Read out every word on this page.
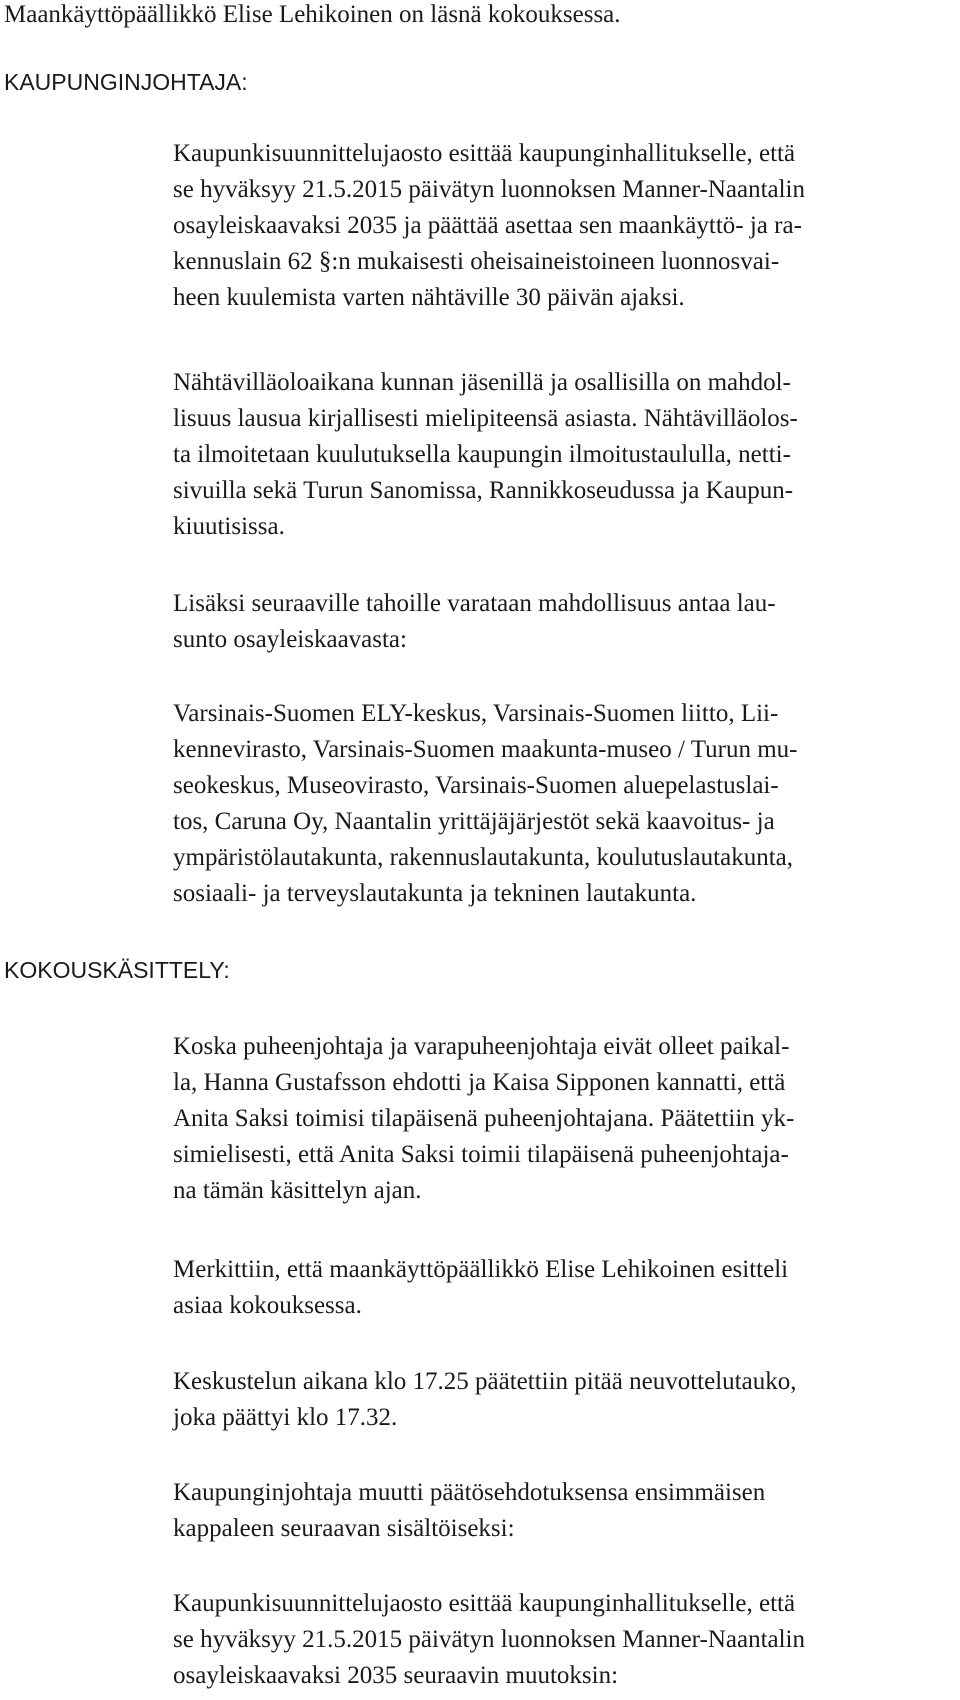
Maankäyttöpäällikkö Elise Lehikoinen on läsnä kokouksessa.
KAUPUNGINJOHTAJA:
Kaupunkisuunnittelujaosto esittää kaupunginhallitukselle, että
se hyväksyy 21.5.2015 päivätyn luonnoksen Manner-Naantalin
osayleiskaavaksi 2035 ja päättää asettaa sen maankäyttö- ja ra-
kennuslain 62 §:n mukaisesti oheisaineistoineen luonnosvai-
heen kuulemista varten nähtäville 30 päivän ajaksi.
Nähtävilläoloaikana kunnan jäsenillä ja osallisilla on mahdol-
lisuus lausua kirjallisesti mielipiteensä asiasta. Nähtävilläolos-
ta ilmoitetaan kuulutuksella kaupungin ilmoitustaululla, netti-
sivuilla sekä Turun Sanomissa, Rannikkoseudussa ja Kaupun-
kiuutisissa.
Lisäksi seuraaville tahoille varataan mahdollisuus antaa lau-
sunto osayleiskaavasta:
Varsinais-Suomen ELY-keskus, Varsinais-Suomen liitto, Lii-
kennevirasto, Varsinais-Suomen maakunta-museo / Turun mu-
seokeskus, Museovirasto, Varsinais-Suomen aluepelastuslai-
tos, Caruna Oy, Naantalin yrittäjäjärjestöt sekä kaavoitus- ja
ympäristölautakunta, rakennuslautakunta, koulutuslautakunta,
sosiaali- ja terveyslautakunta ja tekninen lautakunta.
KOKOUSKÄSITTELY:
Koska puheenjohtaja ja varapuheenjohtaja eivät olleet paikal-
la, Hanna Gustafsson ehdotti ja Kaisa Sipponen kannatti, että
Anita Saksi toimisi tilapäisenä puheenjohtajana. Päätettiin yk-
simielisesti, että Anita Saksi toimii tilapäisenä puheenjohtaja-
na tämän käsittelyn ajan.
Merkittiin, että maankäyttöpäällikkö Elise Lehikoinen esitteli
asiaa kokouksessa.
Keskustelun aikana klo 17.25 päätettiin pitää neuvottelutauko,
joka päättyi klo 17.32.
Kaupunginjohtaja muutti päätösehdotuksensa ensimmäisen
kappaleen seuraavan sisältöiseksi:
Kaupunkisuunnittelujaosto esittää kaupunginhallitukselle, että
se hyväksyy 21.5.2015 päivätyn luonnoksen Manner-Naantalin
osayleiskaavaksi 2035 seuraavin muutoksin:
